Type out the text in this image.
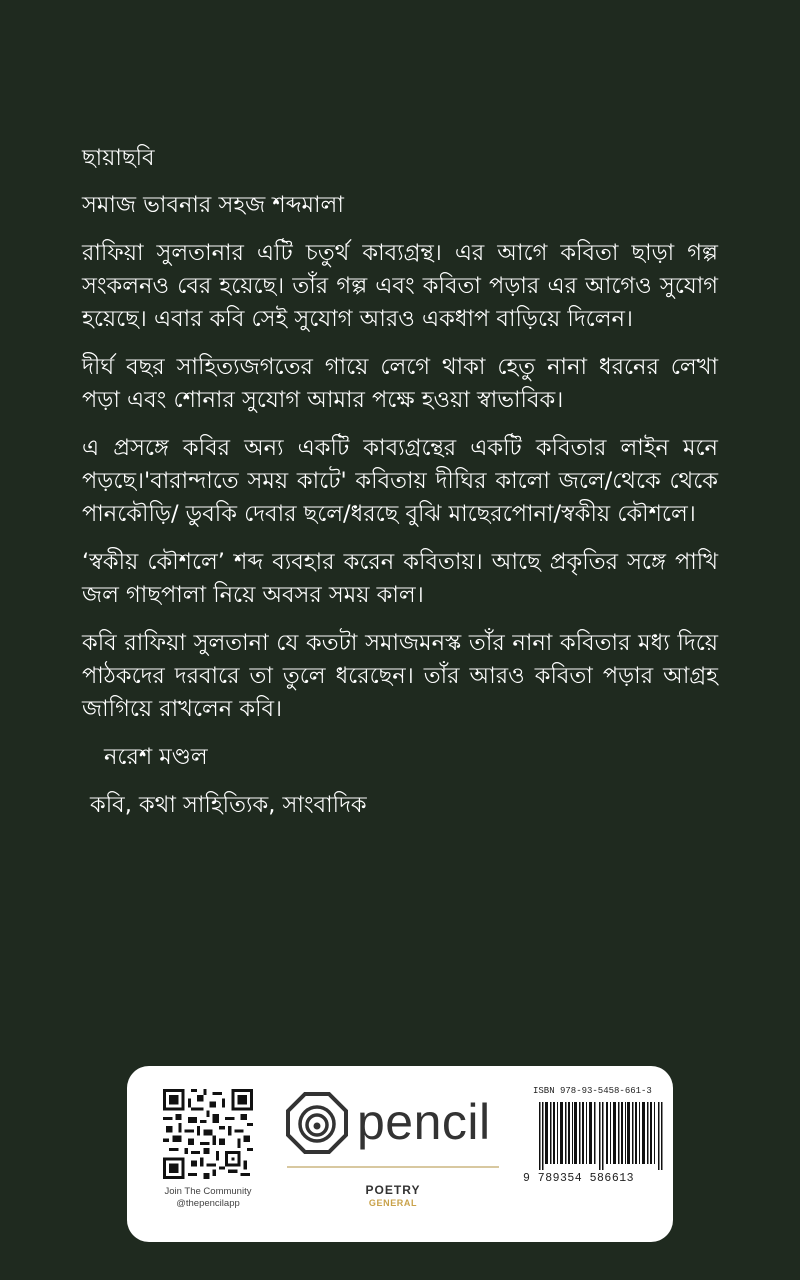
ছায়াছবি

সমাজ ভাবনার সহজ শব্দমালা

রাফিয়া সুলতানার এটি চতুর্থ কাব্যগ্রন্থ। এর আগে কবিতা ছাড়া গল্প সংকলনও বের হয়েছে। তাঁর গল্প এবং কবিতা পড়ার এর আগেও সুযোগ হয়েছে। এবার কবি সেই সুযোগ আরও একধাপ বাড়িয়ে দিলেন।

দীর্ঘ বছর সাহিত্যজগতের গায়ে লেগে থাকা হেতু নানা ধরনের লেখা পড়া এবং শোনার সুযোগ আমার পক্ষে হওয়া স্বাভাবিক।

এ প্রসঙ্গে কবির অন্য একটি কাব্যগ্রন্থের একটি কবিতার লাইন মনে পড়ছে।'বারান্দাতে সময় কাটে' কবিতায় দীঘির কালো জলে/থেকে থেকে পানকৌড়ি/ ডুবকি দেবার ছলে/ধরছে বুঝি মাছেরপোনা/স্বকীয় কৌশলে।

‘স্বকীয় কৌশলে’ শব্দ ব্যবহার করেন কবিতায়। আছে প্রকৃতির সঙ্গে পাখি জল গাছপালা নিয়ে অবসর সময় কাল।

কবি রাফিয়া সুলতানা যে কতটা সমাজমনস্ক তাঁর নানা কবিতার মধ্য দিয়ে পাঠকদের দরবারে তা তুলে ধরেছেন। তাঁর আরও কবিতা পড়ার আগ্রহ জাগিয়ে রাখলেন কবি।

নরেশ মণ্ডল

কবি, কথা সাহিত্যিক, সাংবাদিক

Join The Community
@thepencilapp
pencil
POETRY
GENERAL
ISBN 978-93-5458-661-3
9 789354 586613
